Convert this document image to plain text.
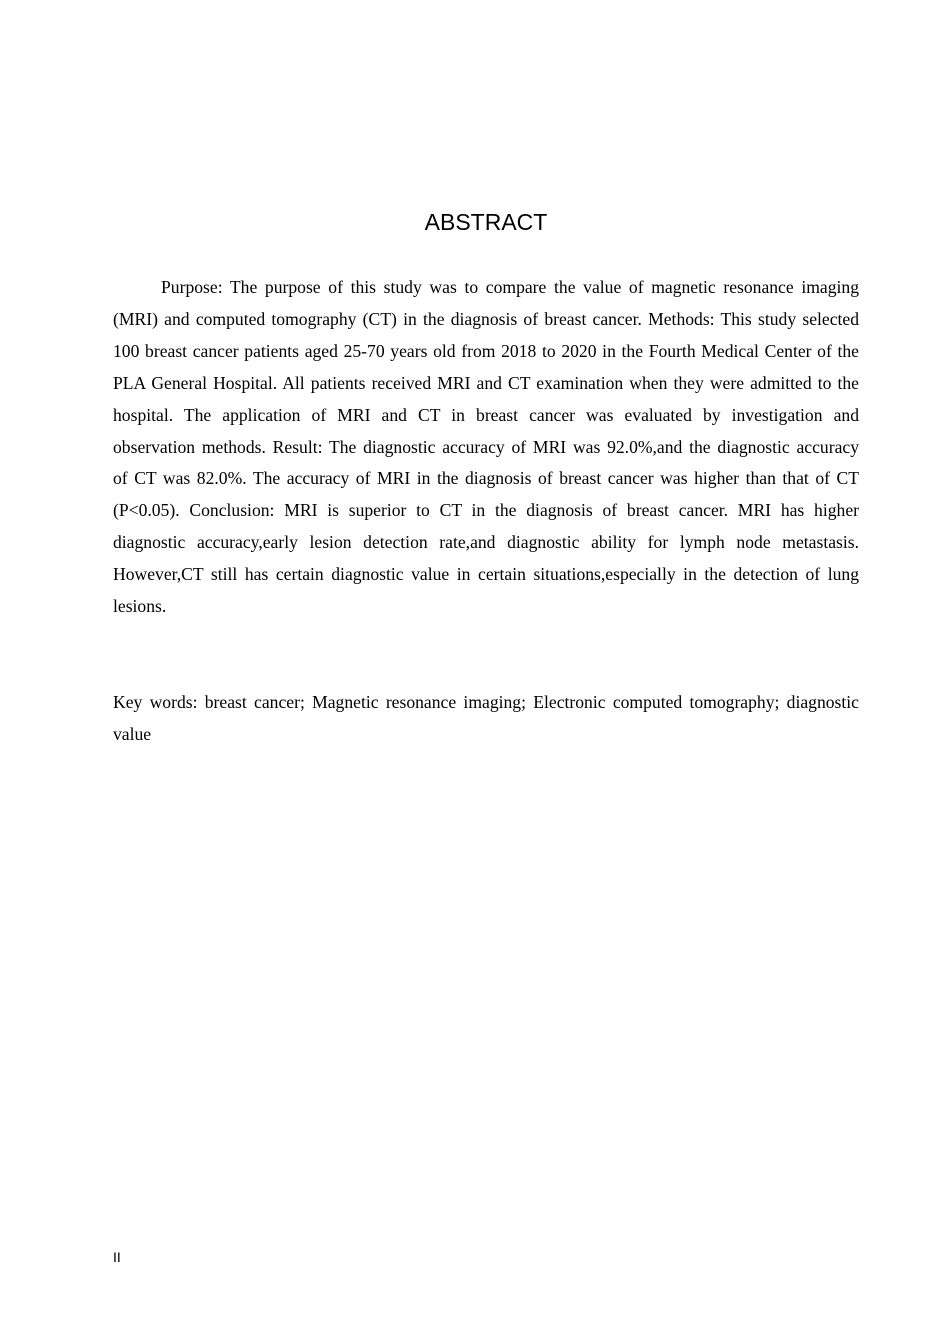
ABSTRACT

Purpose: The purpose of this study was to compare the value of magnetic resonance imaging (MRI) and computed tomography (CT) in the diagnosis of breast cancer. Methods: This study selected 100 breast cancer patients aged 25-70 years old from 2018 to 2020 in the Fourth Medical Center of the PLA General Hospital. All patients received MRI and CT examination when they were admitted to the hospital. The application of MRI and CT in breast cancer was evaluated by investigation and observation methods. Result: The diagnostic accuracy of MRI was 92.0%,and the diagnostic accuracy of CT was 82.0%. The accuracy of MRI in the diagnosis of breast cancer was higher than that of CT (P<0.05). Conclusion: MRI is superior to CT in the diagnosis of breast cancer. MRI has higher diagnostic accuracy,early lesion detection rate,and diagnostic ability for lymph node metastasis. However,CT still has certain diagnostic value in certain situations,especially in the detection of lung lesions.

Key words: breast cancer; Magnetic resonance imaging; Electronic computed tomography; diagnostic value

II
